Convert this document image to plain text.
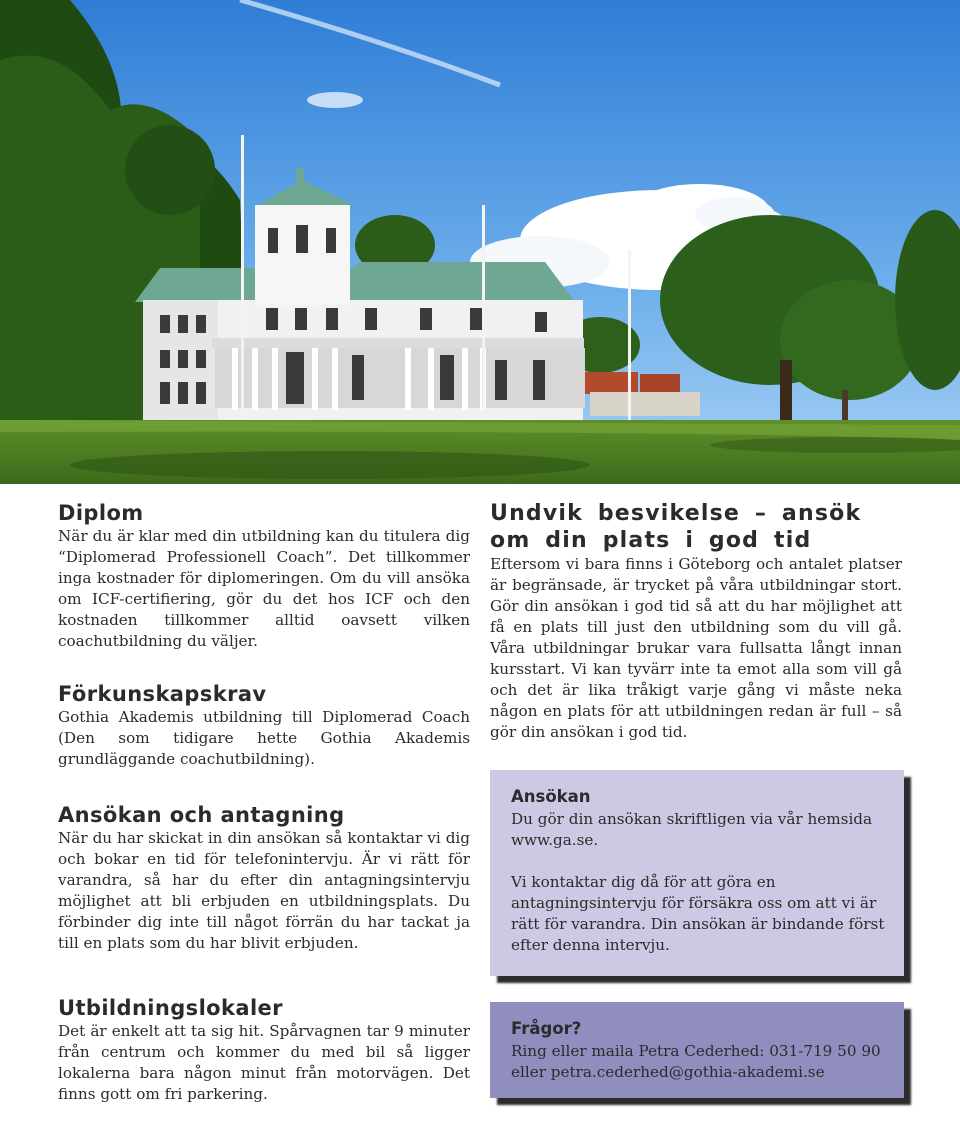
Diplom

När du är klar med din utbildning kan du titulera dig “Diplomerad Professionell Coach”. Det tillkommer inga kostnader för diplomeringen. Om du vill ansöka om ICF-certifiering, gör du det hos ICF och den kostnaden tillkommer alltid oavsett vilken coachutbildning du väljer.

Förkunskapskrav

Gothia Akademis utbildning till Diplomerad Coach (Den som tidigare hette Gothia Akademis grundläggande coachutbildning).

Ansökan och antagning

När du har skickat in din ansökan så kontaktar vi dig och bokar en tid för telefonintervju. Är vi rätt för varandra, så har du efter din antagningsintervju möjlighet att bli erbjuden en utbildningsplats. Du förbinder dig inte till något förrän du har tackat ja till en plats som du har blivit erbjuden.

Utbildningslokaler

Det är enkelt att ta sig hit. Spårvagnen tar 9 minuter från centrum och kommer du med bil så ligger lokalerna bara någon minut från motorvägen. Det finns gott om fri parkering.

Undvik besvikelse – ansök om din plats i god tid

Eftersom vi bara finns i Göteborg och antalet platser är begränsade, är trycket på våra utbildningar stort. Gör din ansökan i god tid så att du har möjlighet att få en plats till just den utbildning som du vill gå. Våra utbildningar brukar vara fullsatta långt innan kursstart. Vi kan tyvärr inte ta emot alla som vill gå och det är lika tråkigt varje gång vi måste neka någon en plats för att utbildningen redan är full – så gör din ansökan i god tid.

Ansökan

Du gör din ansökan skriftligen via vår hemsida www.ga.se.

Vi kontaktar dig då för att göra en antagningsintervju för försäkra oss om att vi är rätt för varandra. Din ansökan är bindande först efter denna intervju.

Frågor?

Ring eller maila Petra Cederhed: 031-719 50 90 eller petra.cederhed@gothia-akademi.se
